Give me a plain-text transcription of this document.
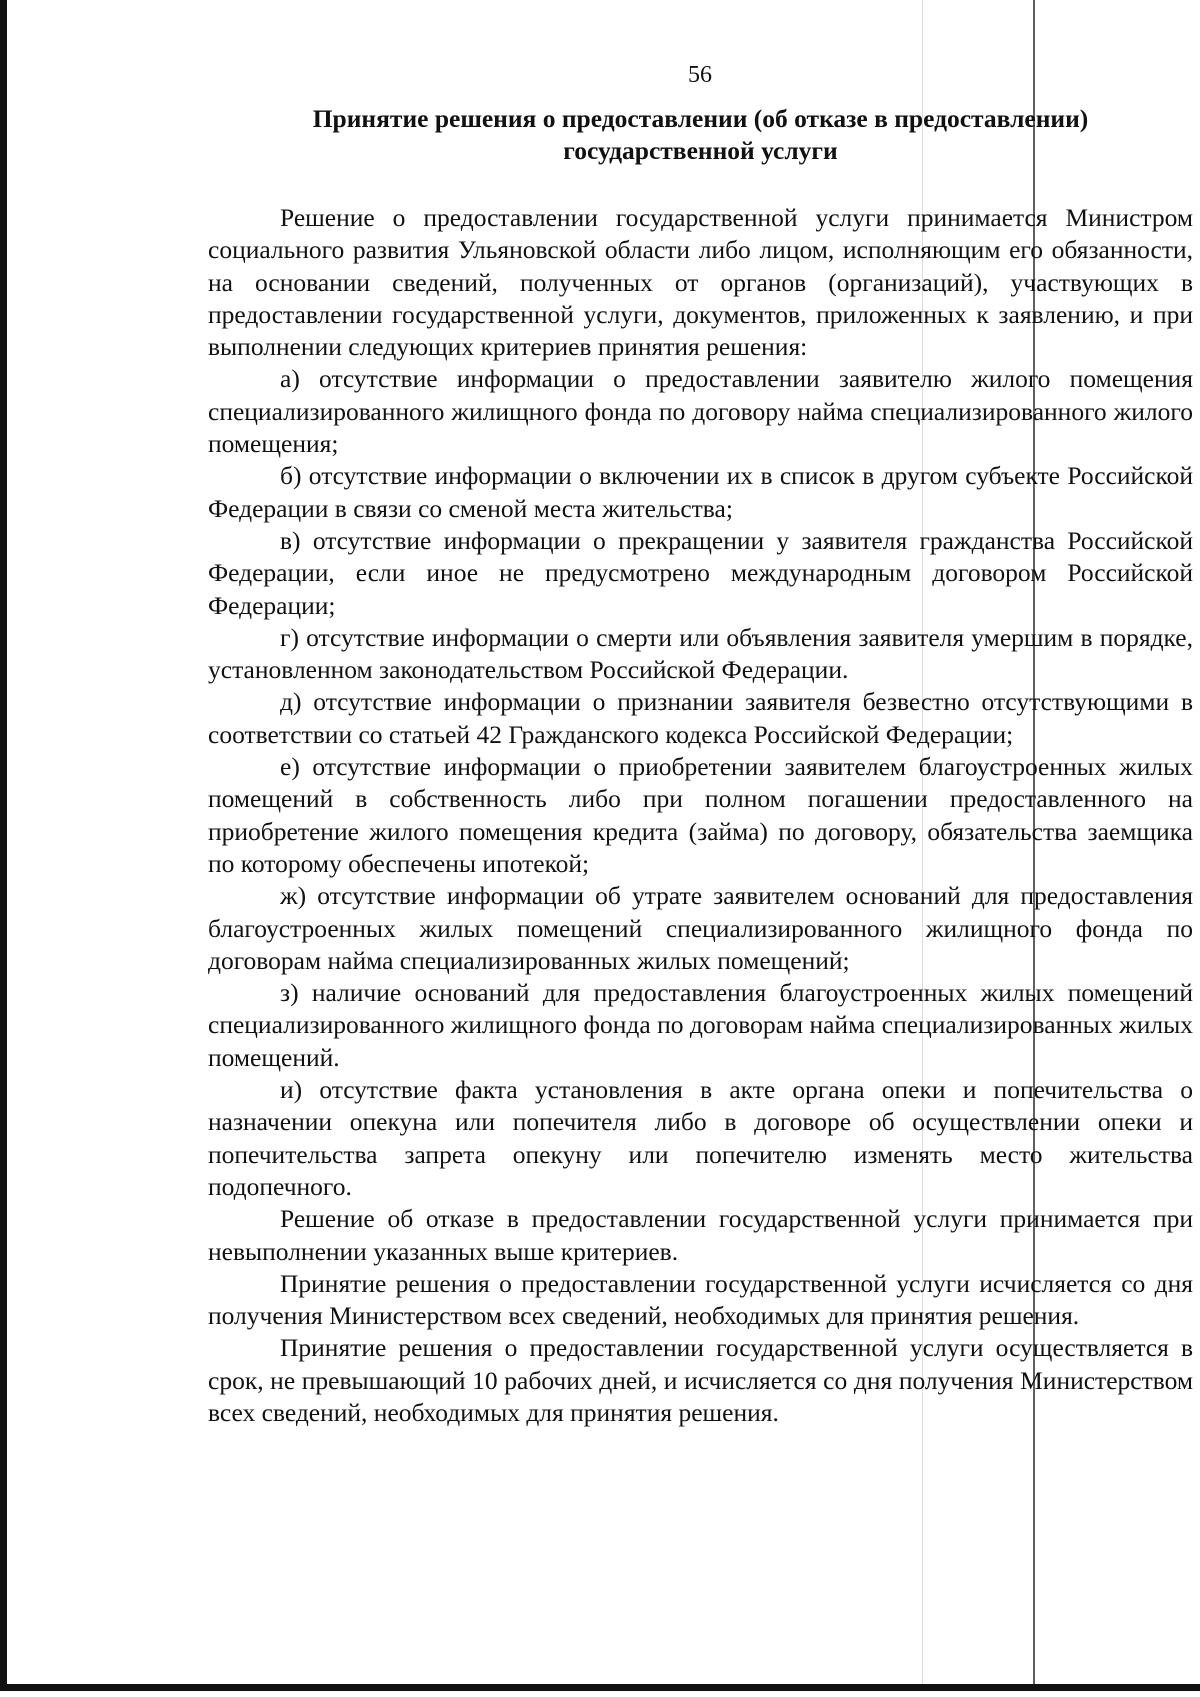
56
Принятие решения о предоставлении (об отказе в предоставлении)
государственной услуги

Решение о предоставлении государственной услуги принимается Министром социального развития Ульяновской области либо лицом, исполняющим его обязанности, на основании сведений, полученных от органов (организаций), участвующих в предоставлении государственной услуги, документов, приложенных к заявлению, и при выполнении следующих критериев принятия решения:

а) отсутствие информации о предоставлении заявителю жилого помещения специализированного жилищного фонда по договору найма специализированного жилого помещения;

б) отсутствие информации о включении их в список в другом субъекте Российской Федерации в связи со сменой места жительства;

в) отсутствие информации о прекращении у заявителя гражданства Российской Федерации, если иное не предусмотрено международным договором Российской Федерации;

г) отсутствие информации о смерти или объявления заявителя умершим в порядке, установленном законодательством Российской Федерации.

д) отсутствие информации о признании заявителя безвестно отсутствующими в соответствии со статьей 42 Гражданского кодекса Российской Федерации;

е) отсутствие информации о приобретении заявителем благоустроенных жилых помещений в собственность либо при полном погашении предоставленного на приобретение жилого помещения кредита (займа) по договору, обязательства заемщика по которому обеспечены ипотекой;

ж) отсутствие информации об утрате заявителем оснований для предоставления благоустроенных жилых помещений специализированного жилищного фонда по договорам найма специализированных жилых помещений;

з) наличие оснований для предоставления благоустроенных жилых помещений специализированного жилищного фонда по договорам найма специализированных жилых помещений.

и) отсутствие факта установления в акте органа опеки и попечительства о назначении опекуна или попечителя либо в договоре об осуществлении опеки и попечительства запрета опекуну или попечителю изменять место жительства подопечного.

Решение об отказе в предоставлении государственной услуги принимается при невыполнении указанных выше критериев.

Принятие решения о предоставлении государственной услуги исчисляется со дня получения Министерством всех сведений, необходимых для принятия решения.

Принятие решения о предоставлении государственной услуги осуществляется в срок, не превышающий 10 рабочих дней, и исчисляется со дня получения Министерством всех сведений, необходимых для принятия решения.
